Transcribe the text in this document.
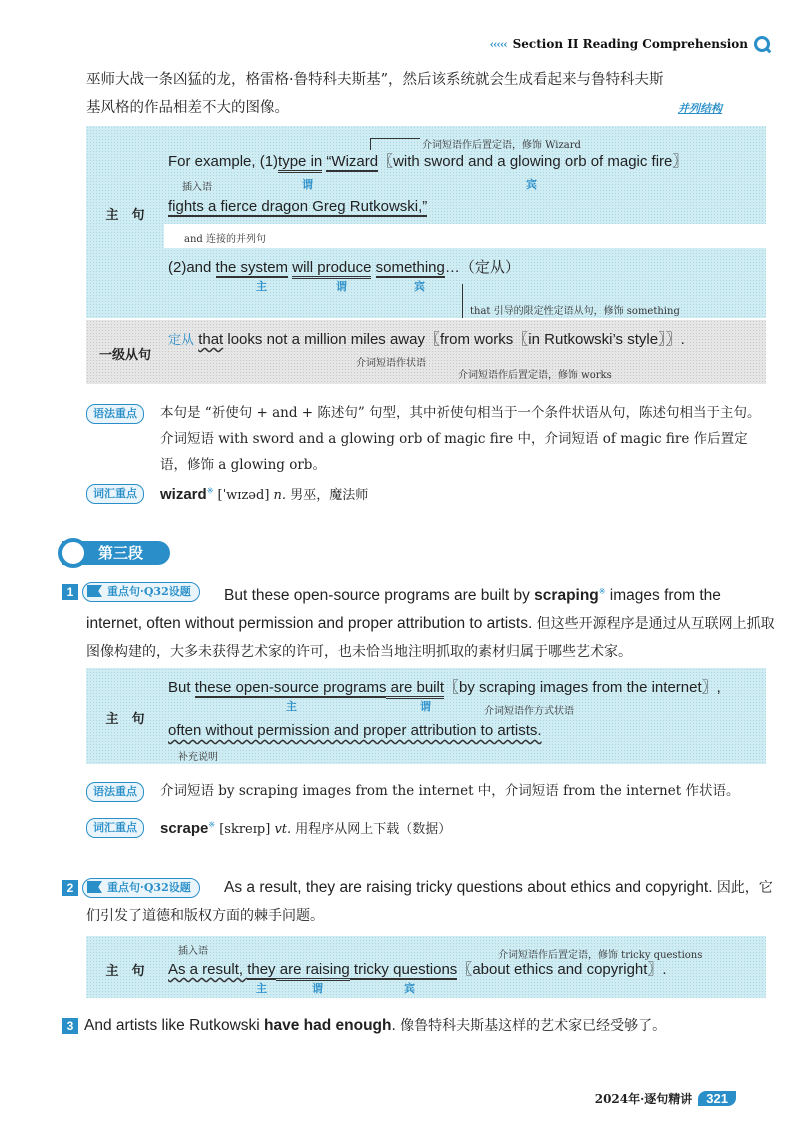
‹‹‹‹‹ Section II Reading Comprehension
巫师大战一条凶猛的龙，格雷格·鲁特科夫斯基”，然后该系统就会生成看起来与鲁特科夫斯
基风格的作品相差不大的图像。	并列结构
主　句
介词短语作后置定语，修饰 Wizard
For example, (1)type in “Wizard〖with sword and a glowing orb of magic fire〗
插入语	谓	宾
fights a fierce dragon Greg Rutkowski,”
and 连接的并列句
(2)and the system will produce something…（定从）
主	谓	宾
that 引导的限定性定语从句，修饰 something
一级从句
定从 that looks not a million miles away〖from works〖in Rutkowski’s style〗〗.
介词短语作状语
介词短语作后置定语，修饰 works
语法重点	本句是 “祈使句 + and + 陈述句” 句型，其中祈使句相当于一个条件状语从句，陈述句相当于主句。介词短语 with sword and a glowing orb of magic fire 中，介词短语 of magic fire 作后置定语，修饰 a glowing orb。
词汇重点	wizard※ [ˈwɪzəd] n. 男巫，魔法师
第三段
1	重点句·Q32设题	But these open-source programs are built by scraping※ images from the internet, often without permission and proper attribution to artists. 但这些开源程序是通过从互联网上抓取图像构建的，大多未获得艺术家的许可，也未恰当地注明抓取的素材归属于哪些艺术家。
主　句
But these open-source programs are built〖by scraping images from the internet〗,
主	谓	介词短语作方式状语
often without permission and proper attribution to artists.
补充说明
语法重点	介词短语 by scraping images from the internet 中，介词短语 from the internet 作状语。
词汇重点	scrape※ [skreɪp] vt. 用程序从网上下载（数据）
2	重点句·Q32设题	As a result, they are raising tricky questions about ethics and copyright. 因此，它们引发了道德和版权方面的棘手问题。
主　句
插入语	介词短语作后置定语，修饰 tricky questions
As a result, they are raising tricky questions〖about ethics and copyright〗.
主	谓	宾
3 And artists like Rutkowski have had enough. 像鲁特科夫斯基这样的艺术家已经受够了。
2024年·逐句精讲	321
